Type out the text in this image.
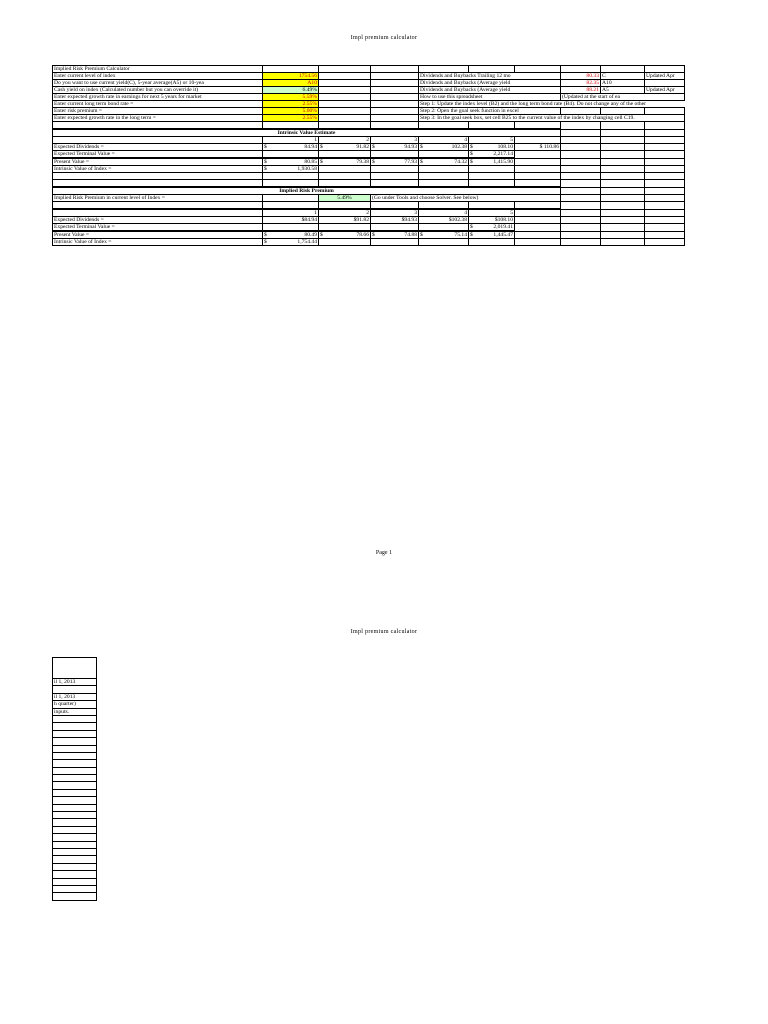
Impl premium calculator
Implied Risk Premium Calculator									
Enter current level of index	1754.56			Dividends and Buybacks Trailing 12 mo			80.33	C	Updated Apr
Do you want to use current yield(C), 5-year average(A5) or 10-yea	A10			Dividends and Buybacks (Average yield			82.35	A10	
Cash yield on index (Calculated number but you can override it)	6.49%			Dividends and Buybacks (Average yield			88.21	A5	Updated Apr
Enter expected growth rate in earnings for next 5 years for market	5.59%			How to use this spreadsheet			(Updated at the start of ea		
Enter current long term bond rate =	2.55%			Step 1: Update the index level (B2) and the long term bond rate (B4). Do not change any of the other					
Enter risk premium =	5.00%			Step 2: Open the goal seek function in excel					
Enter expected growth rate in the long term =	2.55%			Step 3: In the goal seek box, set cell B25 to the current value of the index by changing cell C19.					

Intrinsic Value Estimate									
	1	2	3	4	5				
Expected Dividends =	$ 84.94	$ 91.82	$ 94.93	$ 102.38	$ 108.10	$ 110.86			
Expected Terminal Value =					$ 2,217.14				
Present Value =	$ 80.85	$ 79.38	$ 77.93	$ 74.32	$ 1,415.90				
Intrinsic Value of Index =	$ 1,930.58								

Implied Risk Premium									
Implied Risk Premium in current level of Index =		5.49%	(Go under Tools and choose Solver. See below)						

	1	2	3	4	5				
Expected Dividends =	$84.94	$91.82	$94.93	$102.38	$108.10				
Expected Terminal Value =					$ 2,019.41				
Present Value =	$ 80.49	$ 78.66	$ 74.88	$ 75.14	$ 1,445.47				
Intrinsic Value of Index =	$ 1,754.44								
Page 1
Impl premium calculator

il 1, 2013

il 1, 2013
h quarter)
inputs.
